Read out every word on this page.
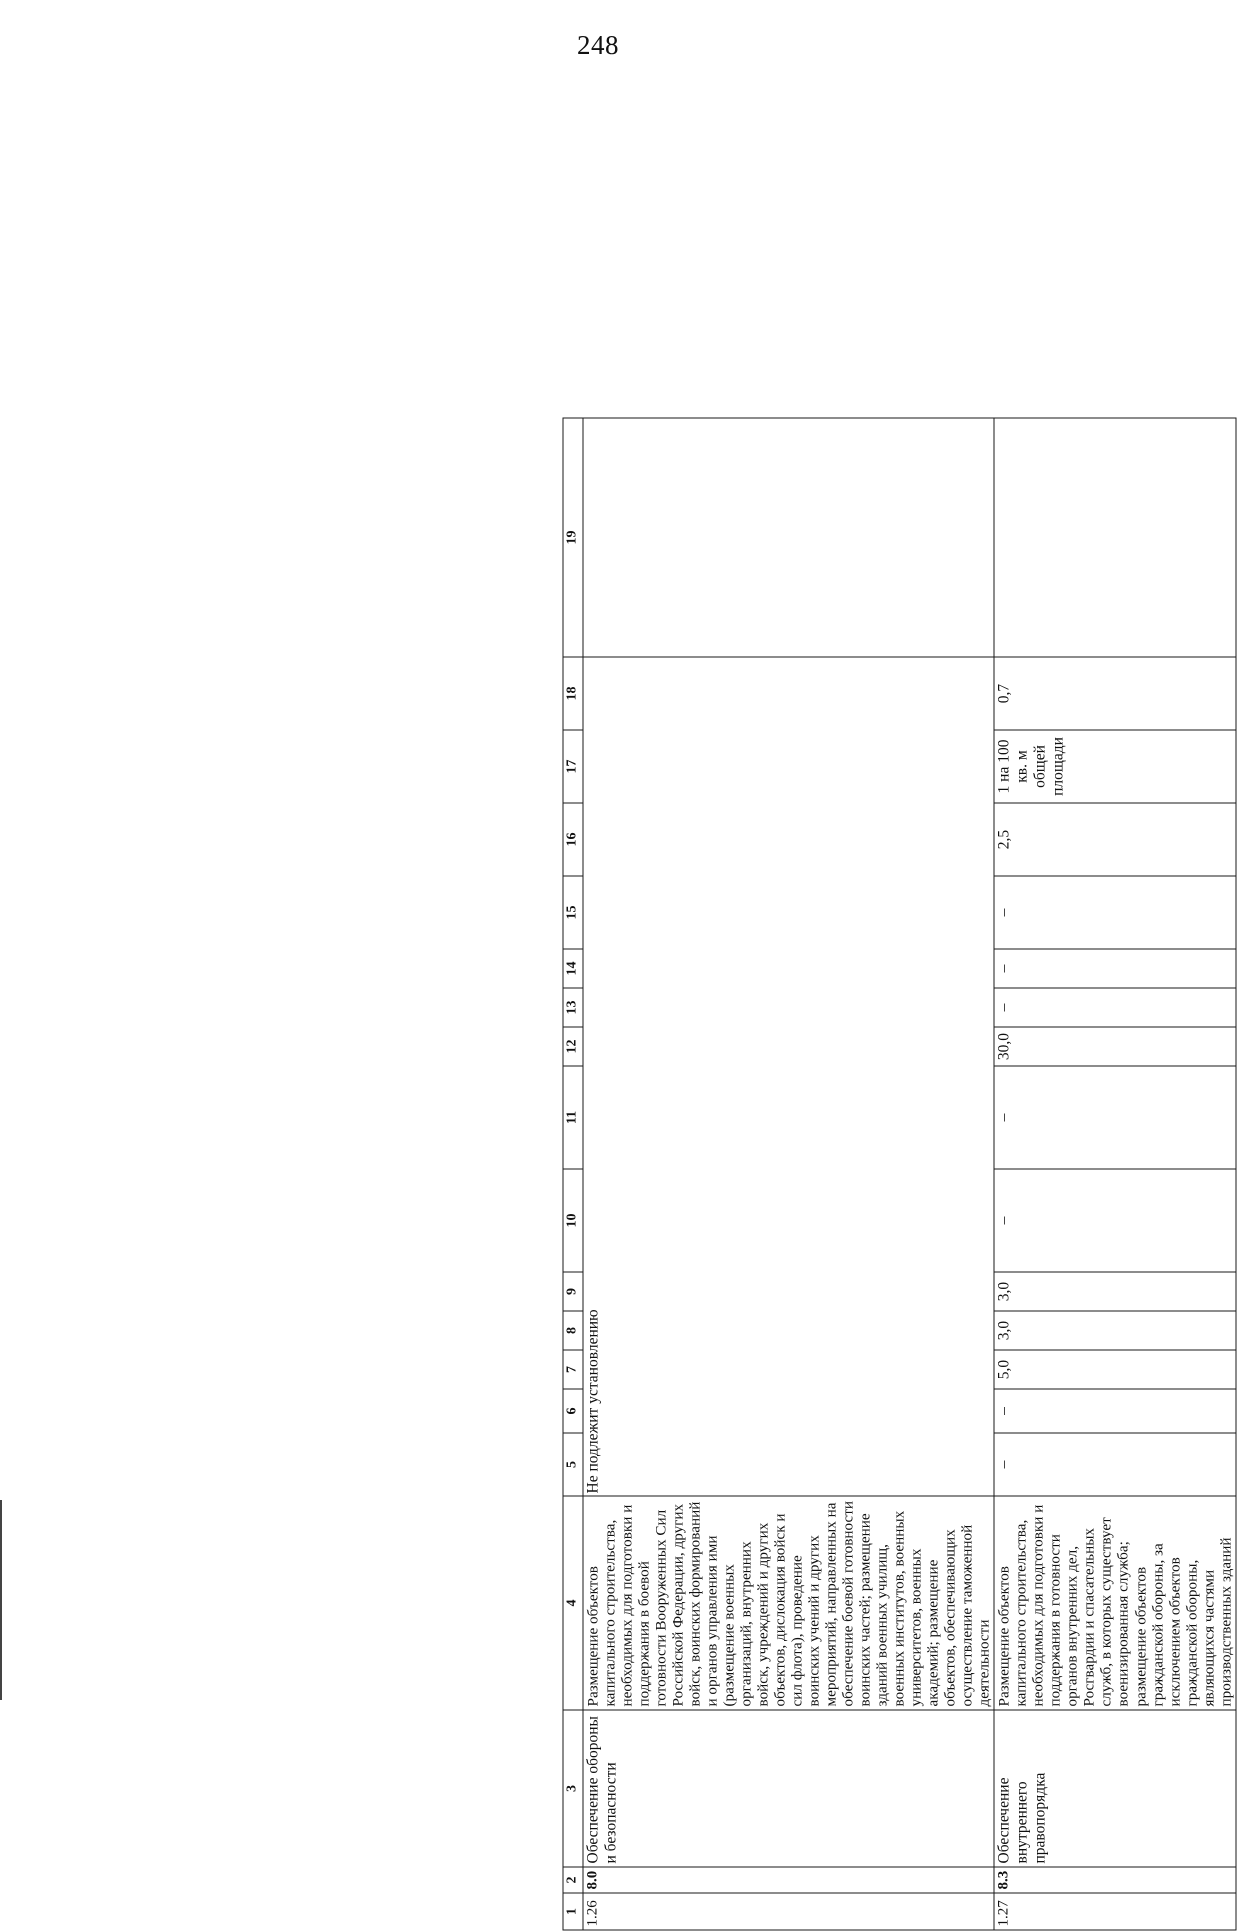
248
1	2	3	4	5	6	7	8	9	10	11	12	13	14	15	16	17	18	19
1.26	8.0	Обеспечение обороны и безопасности	Размещение объектов капитального строительства, необходимых для подготовки и поддержания в боевой готовности Вооруженных Сил Российской Федерации, других войск, воинских формирований и органов управления ими (размещение военных организаций, внутренних войск, учреждений и других объектов, дислокация войск и сил флота), проведение воинских учений и других мероприятий, направленных на обеспечение боевой готовности воинских частей; размещение зданий военных училищ, военных институтов, военных университетов, военных академий; размещение объектов, обеспечивающих осуществление таможенной деятельности	Не подлежит установлению														
1.27	8.3	Обеспечение внутреннего правопорядка	Размещение объектов капитального строительства, необходимых для подготовки и поддержания в готовности органов внутренних дел, Росгвардии и спасательных служб, в которых существует военизированная служба; размещение объектов гражданской обороны, за исключением объектов гражданской обороны, являющихся частями производственных зданий	–	–	5,0	3,0	3,0	–	–	30,0	–	–	–	2,5	1 на 100 кв. м общей площади	0,7	
